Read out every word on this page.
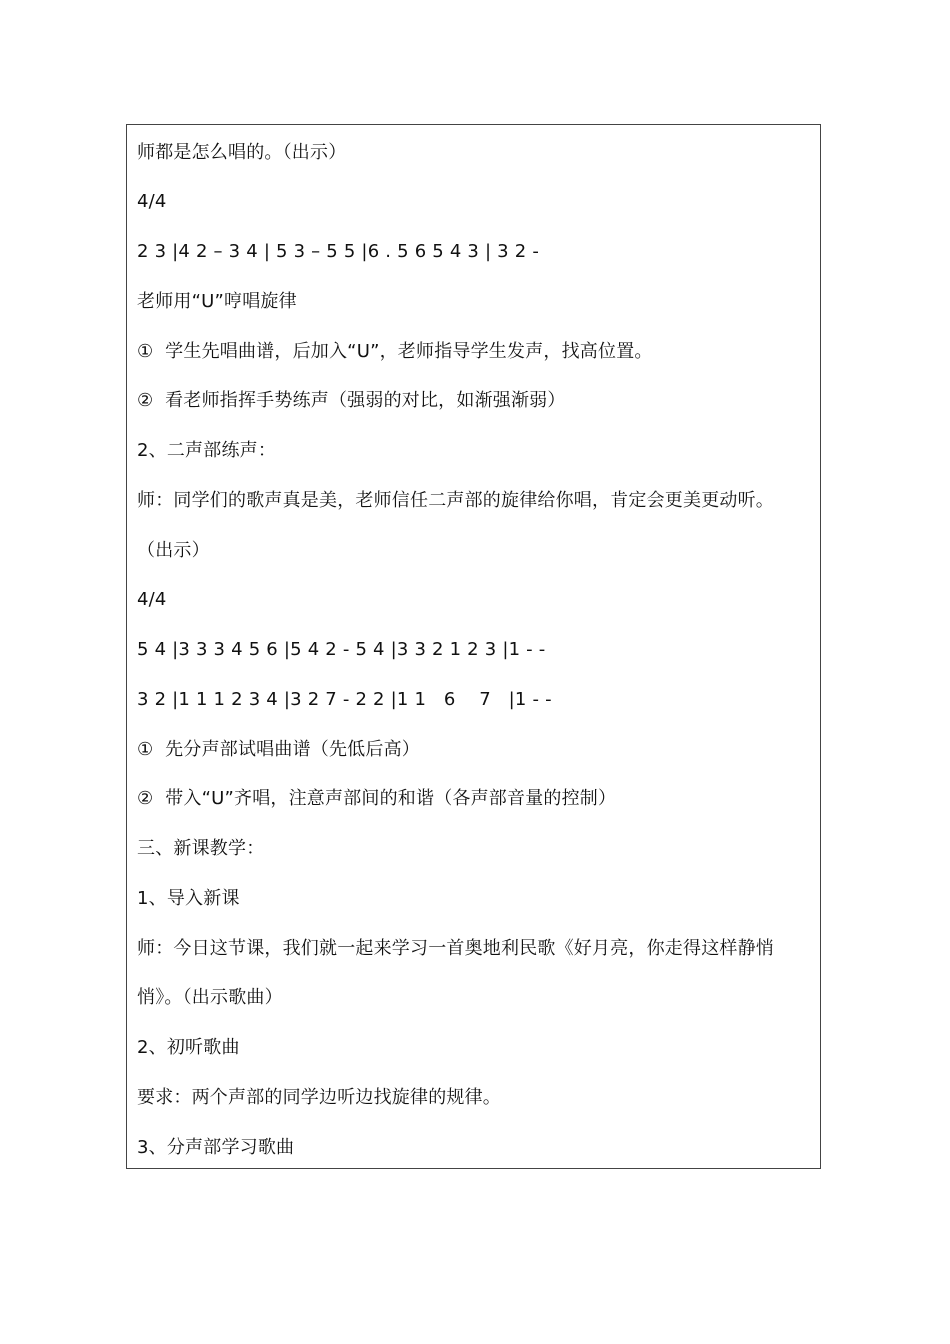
师都是怎么唱的。（出示）
4/4
2 3 |4 2 – 3 4 | 5 3 – 5 5 |6 . 5 6 5 4 3 | 3 2 -
老师用“U”哼唱旋律
①  学生先唱曲谱，后加入“U”，老师指导学生发声，找高位置。
②  看老师指挥手势练声（强弱的对比，如渐强渐弱）
2、二声部练声：
师：同学们的歌声真是美，老师信任二声部的旋律给你唱，肯定会更美更动听。
（出示）
4/4
5 4 |3 3 3 4 5 6 |5 4 2 - 5 4 |3 3 2 1 2 3 |1 - -
3 2 |1 1 1 2 3 4 |3 2 7 - 2 2 |1 1   6    7   |1 - -
①  先分声部试唱曲谱（先低后高）
②  带入“U”齐唱，注意声部间的和谐（各声部音量的控制）
三、新课教学：
1、导入新课
师：今日这节课，我们就一起来学习一首奥地利民歌《好月亮，你走得这样静悄
悄》。（出示歌曲）
2、初听歌曲
要求：两个声部的同学边听边找旋律的规律。
3、分声部学习歌曲
